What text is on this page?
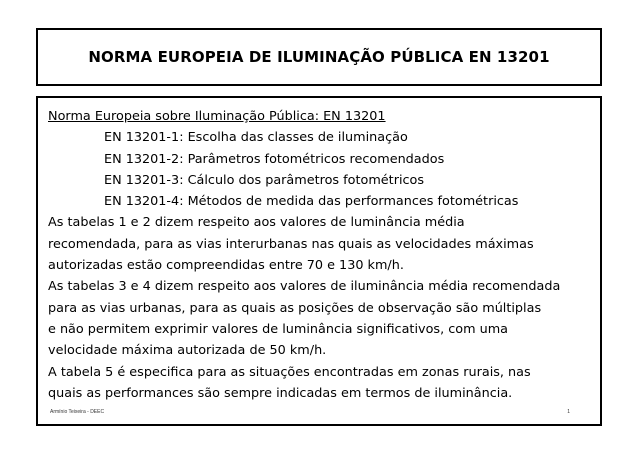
NORMA EUROPEIA DE ILUMINAÇÃO PÚBLICA EN 13201
Norma Europeia sobre Iluminação Pública: EN 13201
EN 13201-1: Escolha das classes de iluminação
EN 13201-2: Parâmetros fotométricos recomendados
EN 13201-3: Cálculo dos parâmetros fotométricos
EN 13201-4: Métodos de medida das performances fotométricas
As tabelas 1 e 2 dizem respeito aos valores de luminância média
recomendada, para as vias interurbanas nas quais as velocidades máximas
autorizadas estão compreendidas entre 70 e 130 km/h.
As tabelas 3 e 4 dizem respeito aos valores de iluminância média recomendada
para as vias urbanas, para as quais as posições de observação são múltiplas
e não permitem exprimir valores de luminância significativos, com uma
velocidade máxima autorizada de 50 km/h.
A tabela 5 é especifica para as situações encontradas em zonas rurais, nas
quais as performances são sempre indicadas em termos de iluminância.
Armínio Teixeira - DEEC	1
